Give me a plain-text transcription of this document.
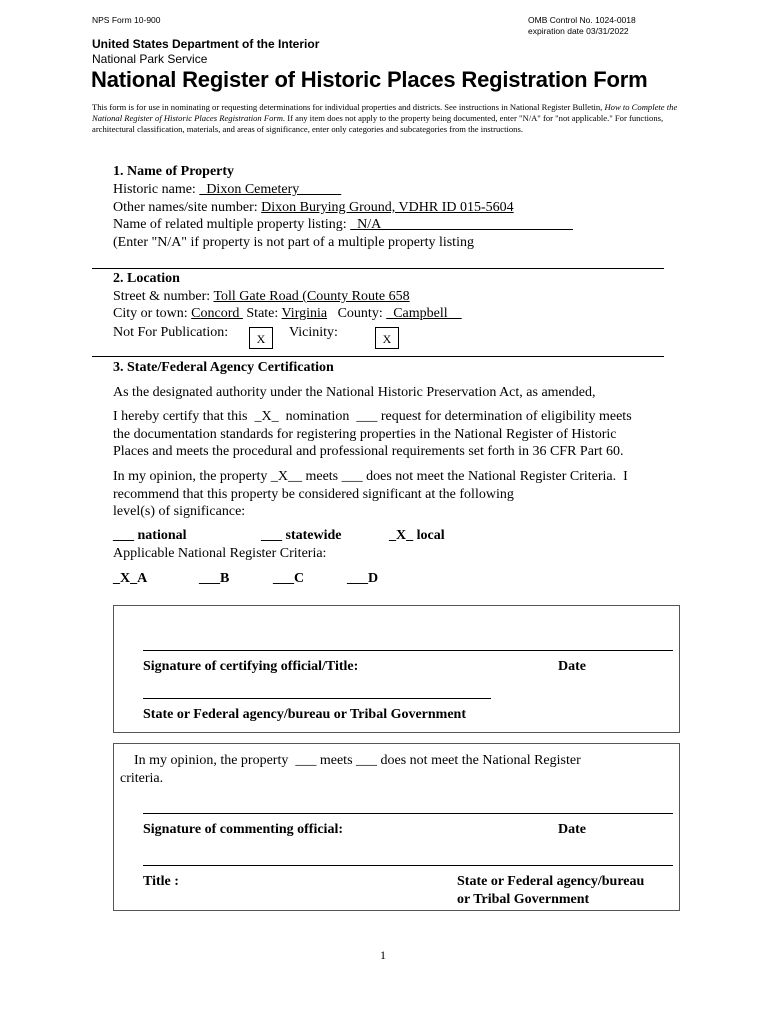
NPS Form 10-900	OMB Control No. 1024-0018
expiration date 03/31/2022
United States Department of the Interior
National Park Service
National Register of Historic Places Registration Form
This form is for use in nominating or requesting determinations for individual properties and districts. See instructions in National Register Bulletin, How to Complete the National Register of Historic Places Registration Form. If any item does not apply to the property being documented, enter "N/A" for "not applicable." For functions, architectural classification, materials, and areas of significance, enter only categories and subcategories from the instructions.
1. Name of Property
Historic name:   Dixon Cemetery
Other names/site number: Dixon Burying Ground, VDHR ID 015-5604
Name of related multiple property listing:   N/A
(Enter "N/A" if property is not part of a multiple property listing
2. Location
Street & number: Toll Gate Road (County Route 658
City or town: Concord  State: Virginia   County:   Campbell
Not For Publication:	X	Vicinity:	X
3. State/Federal Agency Certification
As the designated authority under the National Historic Preservation Act, as amended,
I hereby certify that this  _X_  nomination  ___ request for determination of eligibility meets
the documentation standards for registering properties in the National Register of Historic
Places and meets the procedural and professional requirements set forth in 36 CFR Part 60.
In my opinion, the property _X__ meets ___ does not meet the National Register Criteria.  I
recommend that this property be considered significant at the following
level(s) of significance:
___ national	___ statewide	_X_ local
Applicable National Register Criteria:
_X_A	___B	___C	___D
Signature of certifying official/Title:	Date
State or Federal agency/bureau or Tribal Government
In my opinion, the property  ___ meets ___ does not meet the National Register
criteria.
Signature of commenting official:	Date
Title :	State or Federal agency/bureau
or Tribal Government
1
